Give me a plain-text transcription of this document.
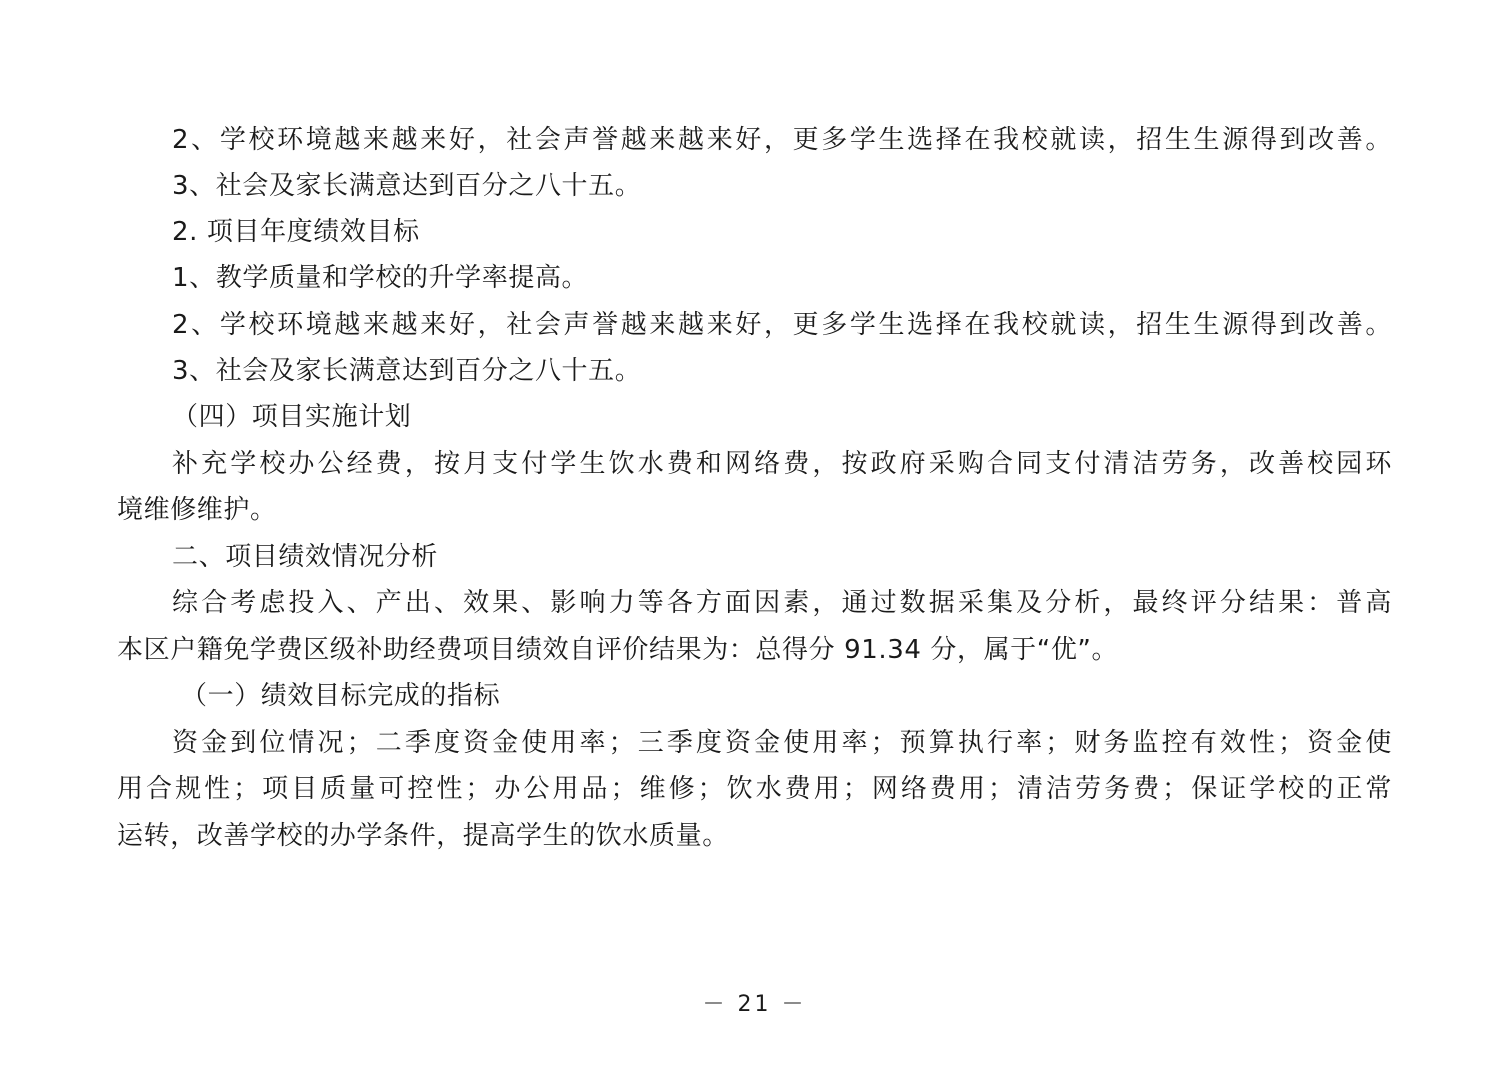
2、学校环境越来越来好，社会声誉越来越来好，更多学生选择在我校就读，招生生源得到改善。
3、社会及家长满意达到百分之八十五。
2. 项目年度绩效目标
1、教学质量和学校的升学率提高。
2、学校环境越来越来好，社会声誉越来越来好，更多学生选择在我校就读，招生生源得到改善。
3、社会及家长满意达到百分之八十五。
（四）项目实施计划
补充学校办公经费，按月支付学生饮水费和网络费，按政府采购合同支付清洁劳务，改善校园环
境维修维护。
二、项目绩效情况分析
综合考虑投入、产出、效果、影响力等各方面因素，通过数据采集及分析，最终评分结果：普高
本区户籍免学费区级补助经费项目绩效自评价结果为：总得分 91.34 分，属于“优”。
（一）绩效目标完成的指标
资金到位情况；二季度资金使用率；三季度资金使用率；预算执行率；财务监控有效性；资金使
用合规性；项目质量可控性；办公用品；维修；饮水费用；网络费用；清洁劳务费；保证学校的正常
运转，改善学校的办学条件，提高学生的饮水质量。
－ 21 －
